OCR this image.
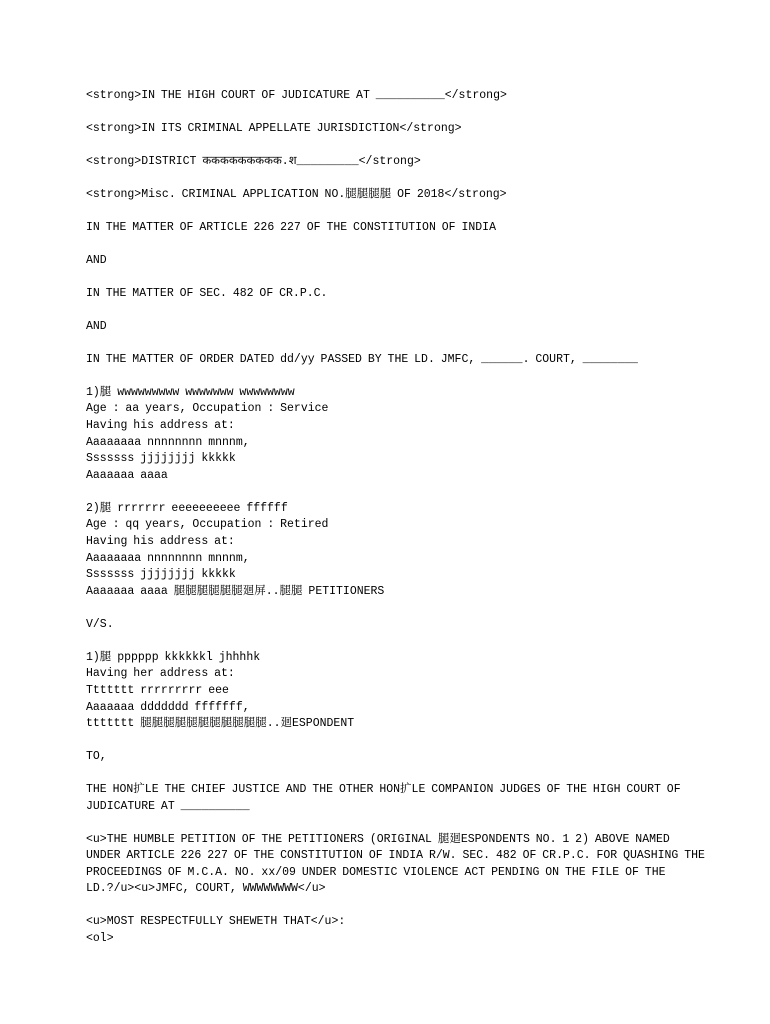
<strong>IN THE HIGH COURT OF JUDICATURE AT __________</strong>

<strong>IN ITS CRIMINAL APPELLATE JURISDICTION</strong>

<strong>DISTRICT ककककककककक.श_________</strong>

<strong>Misc. CRIMINAL APPLICATION NO.腿腿腿腿 OF 2018</strong>

IN THE MATTER OF ARTICLE 226 227 OF THE CONSTITUTION OF INDIA

AND

IN THE MATTER OF SEC. 482 OF CR.P.C.

AND

IN THE MATTER OF ORDER DATED dd/yy PASSED BY THE LD. JMFC, ______. COURT, ________

1)腿 wwwwwwwww wwwwwww wwwwwwww
Age : aa years, Occupation : Service
Having his address at:
Aaaaaaaa nnnnnnnn mnnnm,
Sssssss jjjjjjjj kkkkk
Aaaaaaa aaaa
2)腿 rrrrrrr eeeeeeeeee ffffff
Age : qq years, Occupation : Retired
Having his address at:
Aaaaaaaa nnnnnnnn mnnnm,
Sssssss jjjjjjjj kkkkk
Aaaaaaa aaaa 腿腿腿腿腿腿廻屏..腿腿 PETITIONERS

V/S.

1)腿 pppppp kkkkkkl jhhhhk
Having her address at:
Ttttttt rrrrrrrrr eee
Aaaaaaa ddddddd fffffff,
ttttttt 腿腿腿腿腿腿腿腿腿腿腿..廻ESPONDENT

TO,

THE HON扩LE THE CHIEF JUSTICE AND THE OTHER HON扩LE COMPANION JUDGES OF THE HIGH COURT OF JUDICATURE AT __________

<u>THE HUMBLE PETITION OF THE PETITIONERS (ORIGINAL 腿廻ESPONDENTS NO. 1 2) ABOVE NAMED UNDER ARTICLE 226 227 OF THE CONSTITUTION OF INDIA R/W. SEC. 482 OF CR.P.C. FOR QUASHING THE PROCEEDINGS OF M.C.A. NO. xx/09 UNDER DOMESTIC VIOLENCE ACT PENDING ON THE FILE OF THE LD.?/u><u>JMFC, COURT, WWWWWWWW</u>

<u>MOST RESPECTFULLY SHEWETH THAT</u>:
<ol>
